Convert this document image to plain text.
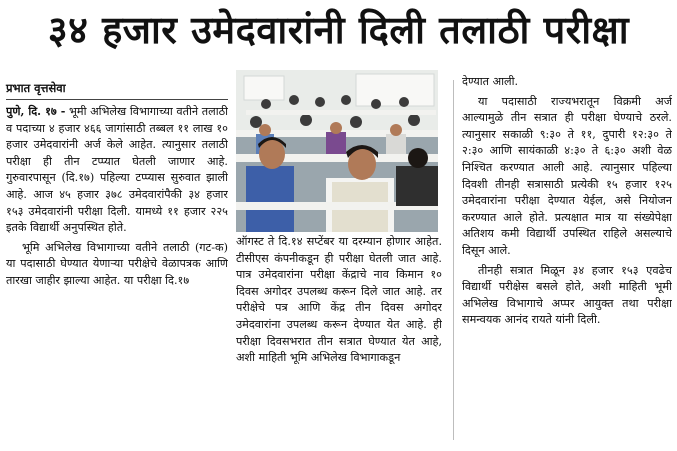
३४ हजार उमेदवारांनी दिली तलाठी परीक्षा
प्रभात वृत्तसेवा

पुणे, दि. १७ - भूमी अभिलेख विभागाच्या वतीने तलाठी व पदाच्या ४ हजार ४६६ जागांसाठी तब्बल ११ लाख १० हजार उमेदवारांनी अर्ज केले आहेत. त्यानुसार तलाठी परीक्षा ही तीन टप्प्यात घेतली जाणार आहे. गुरुवारपासून (दि.१७) पहिल्या टप्प्यास सुरुवात झाली आहे. आज ४५ हजार ३७८ उमेदवारांपैकी ३४ हजार १५३ उमेदवारांनी परीक्षा दिली. यामध्ये ११ हजार २२५ इतके विद्यार्थी अनुपस्थित होते.

भूमि अभिलेख विभागाच्या वतीने तलाठी (गट-क) या पदासाठी घेण्यात येणाऱ्या परीक्षेचे वेळापत्रक आणि तारखा जाहीर झाल्या आहेत. या परीक्षा दि.१७

ऑगस्ट ते दि.१४ सप्टेंबर या दरम्यान होणार आहेत. टीसीएस कंपनीकडून ही परीक्षा घेतली जात आहे. पात्र उमेदवारांना परीक्षा केंद्राचे नाव किमान १० दिवस अगोदर उपलब्ध करून दिले जात आहे. तर परीक्षेचे पत्र आणि केंद्र तीन दिवस अगोदर उमेदवारांना उपलब्ध करून देण्यात येत आहे. ही परीक्षा दिवसभरात तीन सत्रात घेण्यात येत आहे, अशी माहिती भूमि अभिलेख विभागाकडून

देण्यात आली.

या पदासाठी राज्यभरातून विक्रमी अर्ज आल्यामुळे तीन सत्रात ही परीक्षा घेण्याचे ठरले. त्यानुसार सकाळी ९:३० ते ११, दुपारी १२:३० ते २:३० आणि सायंकाळी ४:३० ते ६:३० अशी वेळ निश्चित करण्यात आली आहे. त्यानुसार पहिल्या दिवशी तीनही सत्रासाठी प्रत्येकी १५ हजार १२५ उमेदवारांना परीक्षा देण्यात येईल, असे नियोजन करण्यात आले होते. प्रत्यक्षात मात्र या संख्येपेक्षा अतिशय कमी विद्यार्थी उपस्थित राहिले असल्याचे दिसून आले.

तीनही सत्रात मिळून ३४ हजार १५३ एवढेच विद्यार्थी परीक्षेस बसले होते, अशी माहिती भूमी अभिलेख विभागाचे अप्पर आयुक्त तथा परीक्षा समन्वयक आनंद रायते यांनी दिली.
